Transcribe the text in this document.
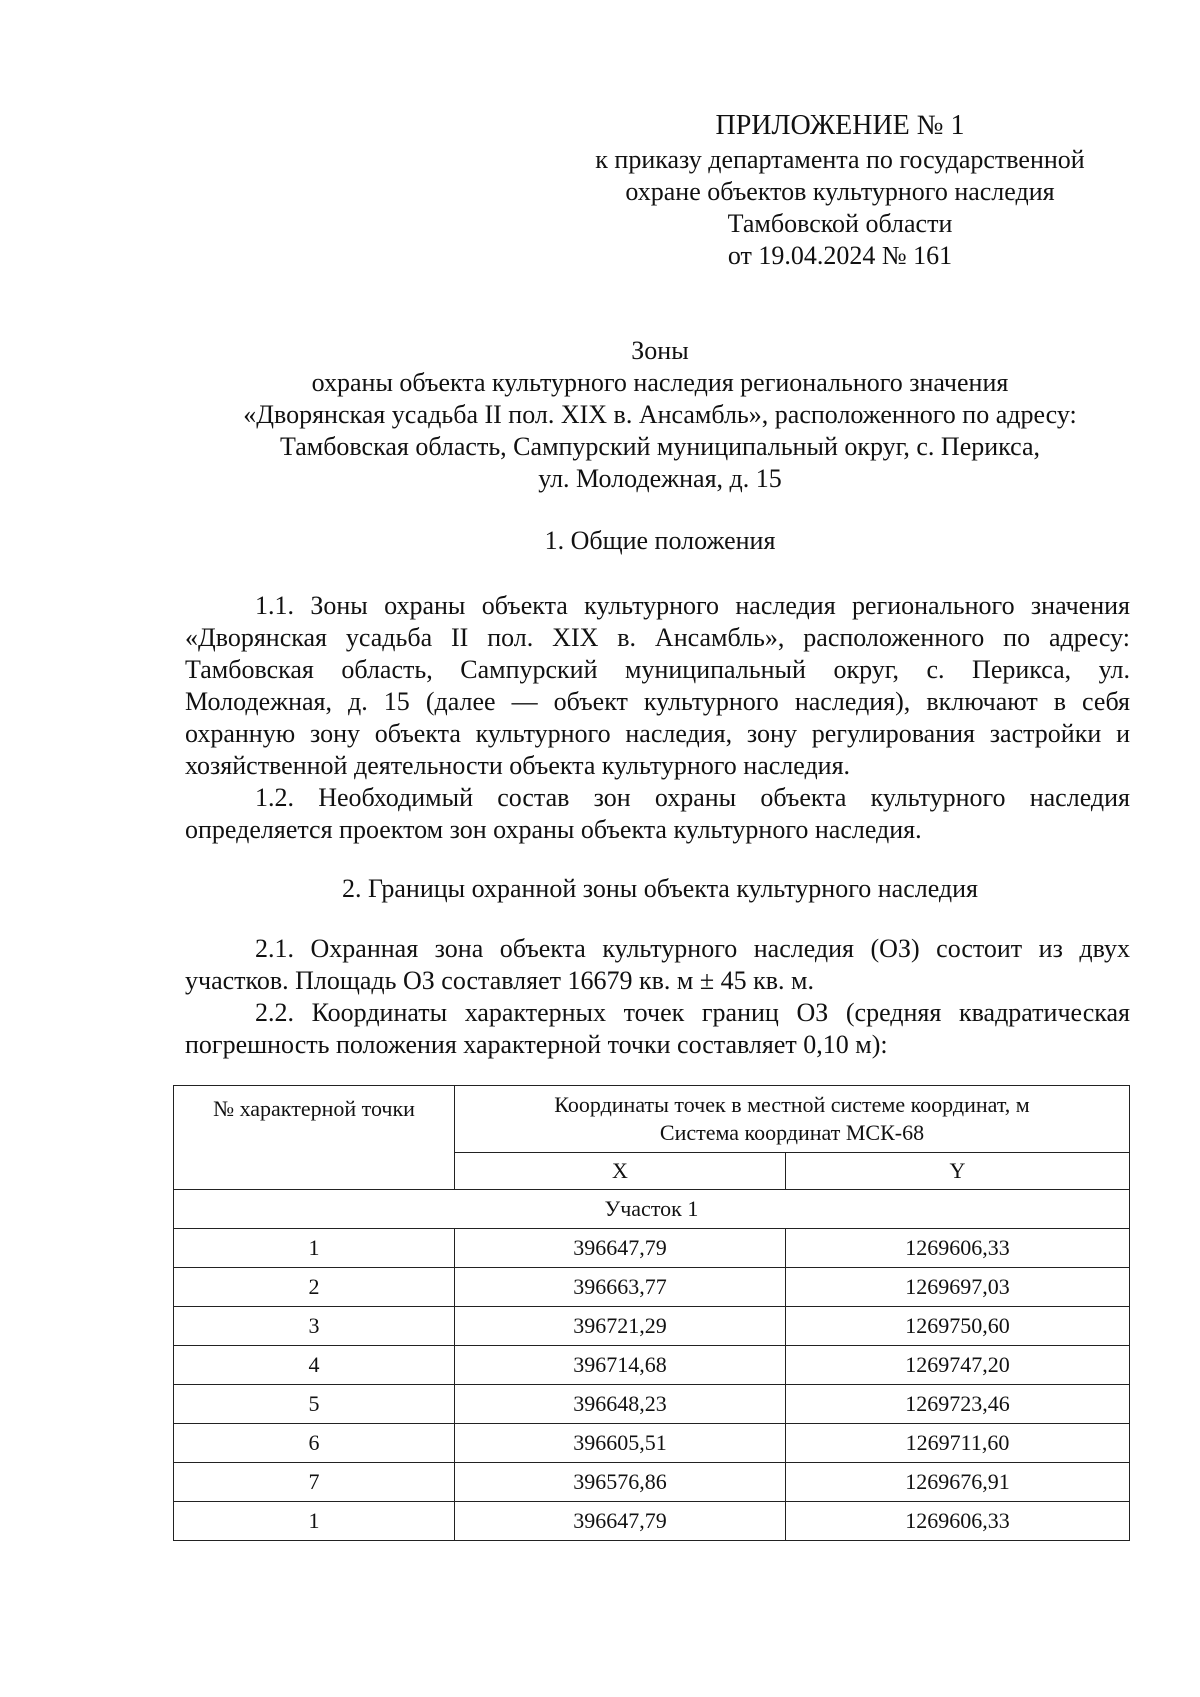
ПРИЛОЖЕНИЕ № 1
к приказу департамента по государственной
охране объектов культурного наследия
Тамбовской области
от 19.04.2024 № 161
Зоны
охраны объекта культурного наследия регионального значения
«Дворянская усадьба II пол. XIX в. Ансамбль», расположенного по адресу:
Тамбовская область, Сампурский муниципальный округ, с. Перикса,
ул. Молодежная, д. 15
1. Общие положения
1.1. Зоны охраны объекта культурного наследия регионального значения «Дворянская усадьба II пол. XIX в. Ансамбль», расположенного по адресу: Тамбовская область, Сампурский муниципальный округ, с. Перикса, ул. Молодежная, д. 15 (далее — объект культурного наследия), включают в себя охранную зону объекта культурного наследия, зону регулирования застройки и хозяйственной деятельности объекта культурного наследия.
1.2. Необходимый состав зон охраны объекта культурного наследия определяется проектом зон охраны объекта культурного наследия.
2. Границы охранной зоны объекта культурного наследия
2.1. Охранная зона объекта культурного наследия (ОЗ) состоит из двух участков. Площадь ОЗ составляет 16679 кв. м ± 45 кв. м.
2.2. Координаты характерных точек границ ОЗ (средняя квадратическая погрешность положения характерной точки составляет 0,10 м):
№ характерной точки	Координаты точек в местной системе координат, м
Система координат МСК-68	

	X	Y
Участок 1		
1	396647,79	1269606,33
2	396663,77	1269697,03
3	396721,29	1269750,60
4	396714,68	1269747,20
5	396648,23	1269723,46
6	396605,51	1269711,60
7	396576,86	1269676,91
1	396647,79	1269606,33
